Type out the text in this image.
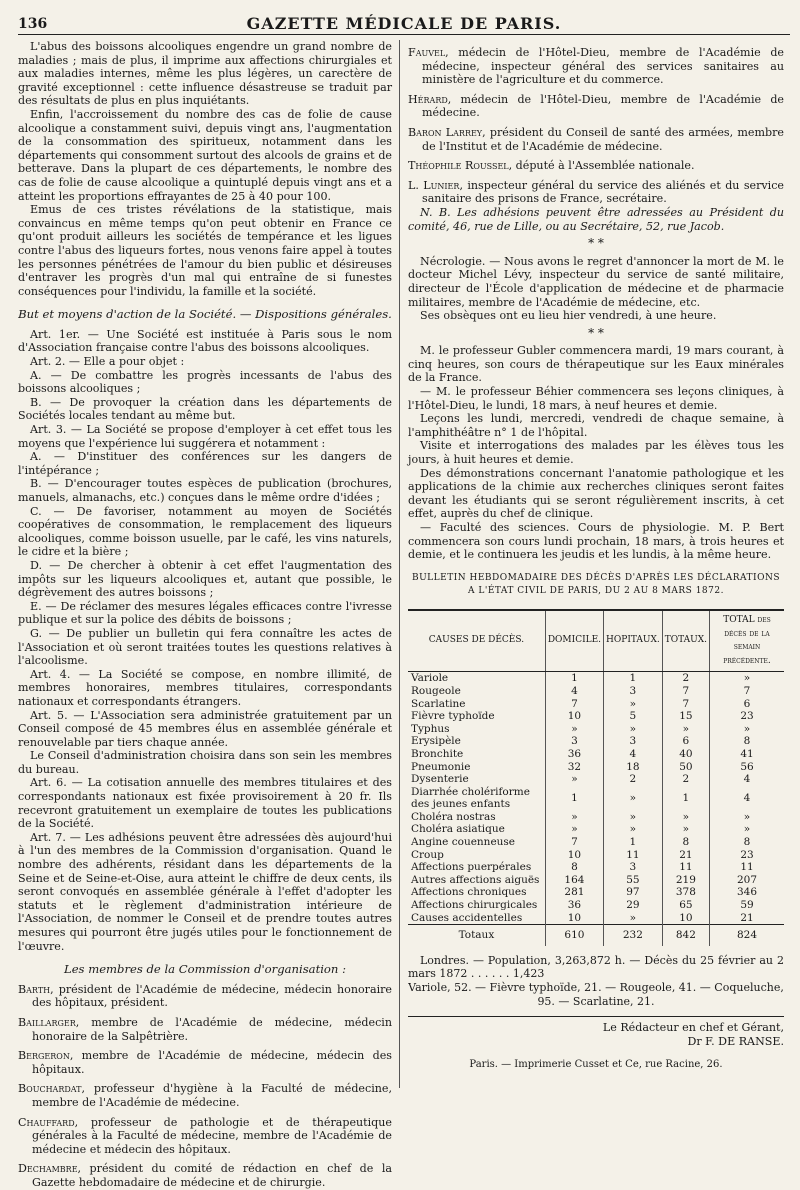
136	GAZETTE MÉDICALE DE PARIS.

L'abus des boissons alcooliques engendre un grand nombre de maladies ; mais de plus, il imprime aux affections chirurgiales et aux maladies internes, même les plus légères, un carectère de gravité exceptionnel : cette influence désastreuse se traduit par des résultats de plus en plus inquiétants.

Enfin, l'accroissement du nombre des cas de folie de cause alcoolique a constamment suivi, depuis vingt ans, l'augmentation de la consommation des spiritueux, notamment dans les départements qui consomment surtout des alcools de grains et de betterave. Dans la plupart de ces départements, le nombre des cas de folie de cause alcoolique a quintuplé depuis vingt ans et a atteint les proportions effrayantes de 25 à 40 pour 100.

Emus de ces tristes révélations de la statistique, mais convaincus en même temps qu'on peut obtenir en France ce qu'ont produit ailleurs les sociétés de tempérance et les ligues contre l'abus des liqueurs fortes, nous venons faire appel à toutes les personnes pénétrées de l'amour du bien public et désireuses d'entraver les progrès d'un mal qui entraîne de si funestes conséquences pour l'individu, la famille et la société.

But et moyens d'action de la Société. — Dispositions générales.

Art. 1er. — Une Société est instituée à Paris sous le nom d'Association française contre l'abus des boissons alcooliques.

Art. 2. — Elle a pour objet :

A. — De combattre les progrès incessants de l'abus des boissons alcooliques ;

B. — De provoquer la création dans les départements de Sociétés locales tendant au même but.

Art. 3. — La Société se propose d'employer à cet effet tous les moyens que l'expérience lui suggérera et notamment :

A. — D'instituer des conférences sur les dangers de l'intépérance ;

B. — D'encourager toutes espèces de publication (brochures, manuels, almanachs, etc.) conçues dans le même ordre d'idées ;

C. — De favoriser, notamment au moyen de Sociétés coopératives de consommation, le remplacement des liqueurs alcooliques, comme boisson usuelle, par le café, les vins naturels, le cidre et la bière ;

D. — De chercher à obtenir à cet effet l'augmentation des impôts sur les liqueurs alcooliques et, autant que possible, le dégrèvement des autres boissons ;

E. — De réclamer des mesures légales efficaces contre l'ivresse publique et sur la police des débits de boissons ;

G. — De publier un bulletin qui fera connaître les actes de l'Association et où seront traitées toutes les questions relatives à l'alcoolisme.

Art. 4. — La Société se compose, en nombre illimité, de membres honoraires, membres titulaires, correspondants nationaux et correspondants étrangers.

Art. 5. — L'Association sera administrée gratuitement par un Conseil composé de 45 membres élus en assemblée générale et renouvelable par tiers chaque année.

Le Conseil d'administration choisira dans son sein les membres du bureau.

Art. 6. — La cotisation annuelle des membres titulaires et des correspondants nationaux est fixée provisoirement à 20 fr. Ils recevront gratuitement un exemplaire de toutes les publications de la Société.

Art. 7. — Les adhésions peuvent être adressées dès aujourd'hui à l'un des membres de la Commission d'organisation. Quand le nombre des adhérents, résidant dans les départements de la Seine et de Seine-et-Oise, aura atteint le chiffre de deux cents, ils seront convoqués en assemblée générale à l'effet d'adopter les statuts et le règlement d'administration intérieure de l'Association, de nommer le Conseil et de prendre toutes autres mesures qui pourront être jugés utiles pour le fonctionnement de l'œuvre.

Les membres de la Commission d'organisation :

Barth, président de l'Académie de médecine, médecin honoraire des hôpitaux, président.

Baillarger, membre de l'Académie de médecine, médecin honoraire de la Salpêtrière.

Bergeron, membre de l'Académie de médecine, médecin des hôpitaux.

Bouchardat, professeur d'hygiène à la Faculté de médecine, membre de l'Académie de médecine.

Chauffard, professeur de pathologie et de thérapeutique générales à la Faculté de médecine, membre de l'Académie de médecine et médecin des hôpitaux.

Dechambre, président du comité de rédaction en chef de la Gazette hebdomadaire de médecine et de chirurgie.

Fauvel, médecin de l'Hôtel-Dieu, membre de l'Académie de médecine, inspecteur général des services sanitaires au ministère de l'agriculture et du commerce.

Hérard, médecin de l'Hôtel-Dieu, membre de l'Académie de médecine.

Baron Larrey, président du Conseil de santé des armées, membre de l'Institut et de l'Académie de médecine.

Théophile Roussel, député à l'Assemblée nationale.

L. Lunier, inspecteur général du service des aliénés et du service sanitaire des prisons de France, secrétaire.

N. B. Les adhésions peuvent être adressées au Président du comité, 46, rue de Lille, ou au Secrétaire, 52, rue Jacob.

* *

Nécrologie. — Nous avons le regret d'annoncer la mort de M. le docteur Michel Lévy, inspecteur du service de santé militaire, directeur de l'École d'application de médecine et de pharmacie militaires, membre de l'Académie de médecine, etc.

Ses obsèques ont eu lieu hier vendredi, à une heure.

* *

M. le professeur Gubler commencera mardi, 19 mars courant, à cinq heures, son cours de thérapeutique sur les Eaux minérales de la France.

— M. le professeur Béhier commencera ses leçons cliniques, à l'Hôtel-Dieu, le lundi, 18 mars, à neuf heures et demie.

Leçons les lundi, mercredi, vendredi de chaque semaine, à l'amphithéâtre n° 1 de l'hôpital.

Visite et interrogations des malades par les élèves tous les jours, à huit heures et demie.

Des démonstrations concernant l'anatomie pathologique et les applications de la chimie aux recherches cliniques seront faites devant les étudiants qui se seront régulièrement inscrits, à cet effet, auprès du chef de clinique.

— Faculté des sciences. Cours de physiologie. M. P. Bert commencera son cours lundi prochain, 18 mars, à trois heures et demie, et le continuera les jeudis et les lundis, à la même heure.

BULLETIN HEBDOMADAIRE DES DÉCÈS D'APRÈS LES DÉCLARATIONS A L'ÉTAT CIVIL DE PARIS, DU 2 AU 8 MARS 1872.
CAUSES DE DÉCÈS.	DOMICILE.	HOPITAUX.	TOTAUX.	TOTAL des décès de la semain précédente.
Variole	1	1	2	»
Rougeole	4	3	7	7
Scarlatine	7	»	7	6
Fièvre typhoïde	10	5	15	23
Typhus	»	»	»	»
Erysipèle	3	3	6	8
Bronchite	36	4	40	41
Pneumonie	32	18	50	56
Dysenterie	»	2	2	4
Diarrhée cholériforme des jeunes enfants	1	»	1	4
Choléra nostras	»	»	»	»
Choléra asiatique	»	»	»	»
Angine couenneuse	7	1	8	8
Croup	10	11	21	23
Affections puerpérales	8	3	11	11
Autres affections aiguës	164	55	219	207
Affections chroniques	281	97	378	346
Affections chirurgicales	36	29	65	59
Causes accidentelles	10	»	10	21
Totaux	610	232	842	824

Londres. — Population, 3,263,872 h. — Décès du 25 février au 2 mars 1872 . . . . . . 1,423

Variole, 52. — Fièvre typhoïde, 21. — Rougeole, 41. — Coqueluche, 95. — Scarlatine, 21.

Le Rédacteur en chef et Gérant,
Dr F. DE RANSE.
Paris. — Imprimerie Cusset et Ce, rue Racine, 26.
